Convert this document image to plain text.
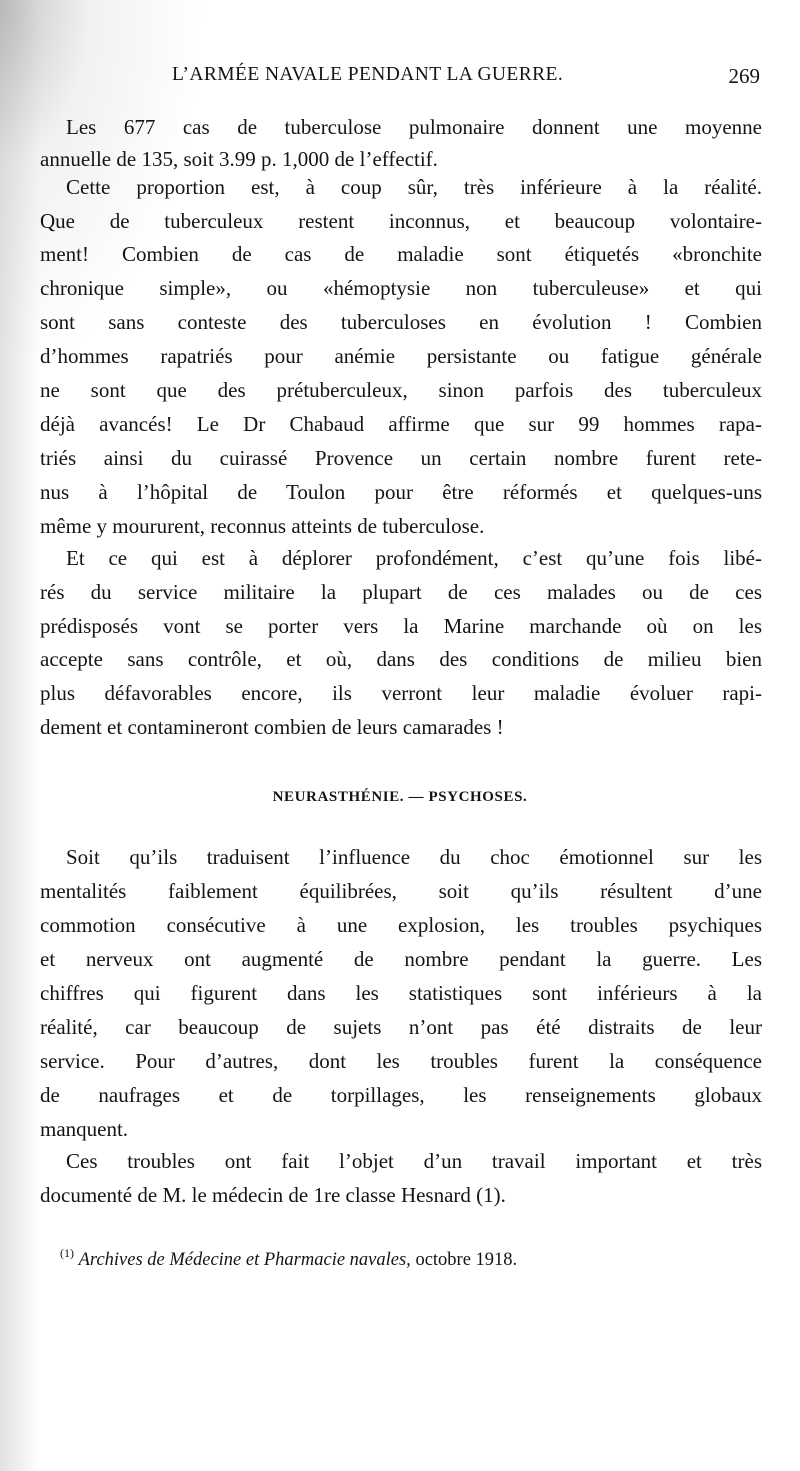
L’ARMÉE NAVALE PENDANT LA GUERRE.	269
Les 677 cas de tuberculose pulmonaire donnent une moyenne
annuelle de 135, soit 3.99 p. 1,000 de l’effectif.
Cette proportion est, à coup sûr, très inférieure à la réalité.
Que de tuberculeux restent inconnus, et beaucoup volontaire-
ment! Combien de cas de maladie sont étiquetés «bronchite
chronique simple», ou «hémoptysie non tuberculeuse» et qui
sont sans conteste des tuberculoses en évolution ! Combien
d’hommes rapatriés pour anémie persistante ou fatigue générale
ne sont que des prétuberculeux, sinon parfois des tuberculeux
déjà avancés! Le Dr Chabaud affirme que sur 99 hommes rapa-
triés ainsi du cuirassé Provence un certain nombre furent rete-
nus à l’hôpital de Toulon pour être réformés et quelques-uns
même y moururent, reconnus atteints de tuberculose.
Et ce qui est à déplorer profondément, c’est qu’une fois libé-
rés du service militaire la plupart de ces malades ou de ces
prédisposés vont se porter vers la Marine marchande où on les
accepte sans contrôle, et où, dans des conditions de milieu bien
plus défavorables encore, ils verront leur maladie évoluer rapi-
dement et contamineront combien de leurs camarades !
NEURASTHÉNIE. — PSYCHOSES.
Soit qu’ils traduisent l’influence du choc émotionnel sur les
mentalités faiblement équilibrées, soit qu’ils résultent d’une
commotion consécutive à une explosion, les troubles psychiques
et nerveux ont augmenté de nombre pendant la guerre. Les
chiffres qui figurent dans les statistiques sont inférieurs à la
réalité, car beaucoup de sujets n’ont pas été distraits de leur
service. Pour d’autres, dont les troubles furent la conséquence
de naufrages et de torpillages, les renseignements globaux
manquent.
Ces troubles ont fait l’objet d’un travail important et très
documenté de M. le médecin de 1re classe Hesnard (1).
$^{(1)}$ Archives de Médecine et Pharmacie navales, octobre 1918.
